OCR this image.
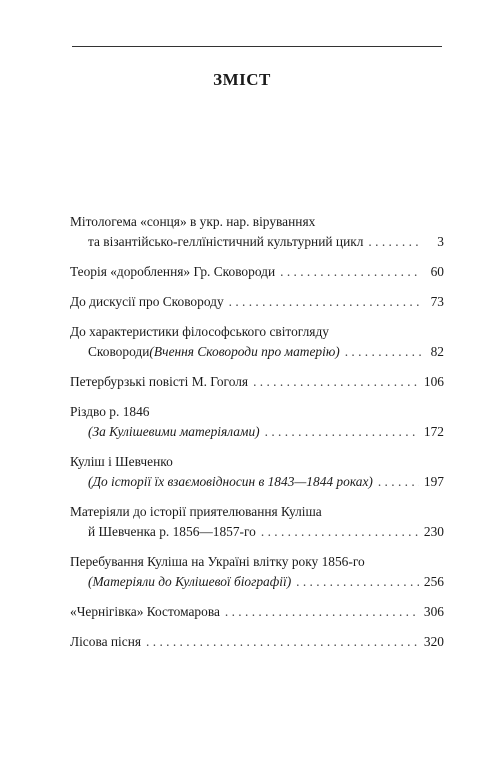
ЗМІСТ
Мітологема «сонця» в укр. нар. віруваннях
та візантійсько-геллїністичний культурний цикл . . .	3
Теорія «дороблення» Гр. Сковороди . . .	60
До дискусії про Сковороду . . .	73
До характеристики філософського світогляду
Сковороди (Вчення Сковороди про матерію) . . .	82
Петербурзькі повісті М. Гоголя . . .	106
Різдво р. 1846
(За Кулішевими матеріялами) . . .	172
Куліш і Шевченко
(До історії їх взаємовідносин в 1843—1844 роках) . . .	197
Матеріяли до історії приятелювання Куліша
й Шевченка р. 1856—1857-го . . .	230
Перебування Куліша на Україні влітку року 1856-го
(Матеріяли до Кулішевої біографії) . . .	256
«Чернігівка» Костомарова . . .	306
Лісова пісня . . .	320
